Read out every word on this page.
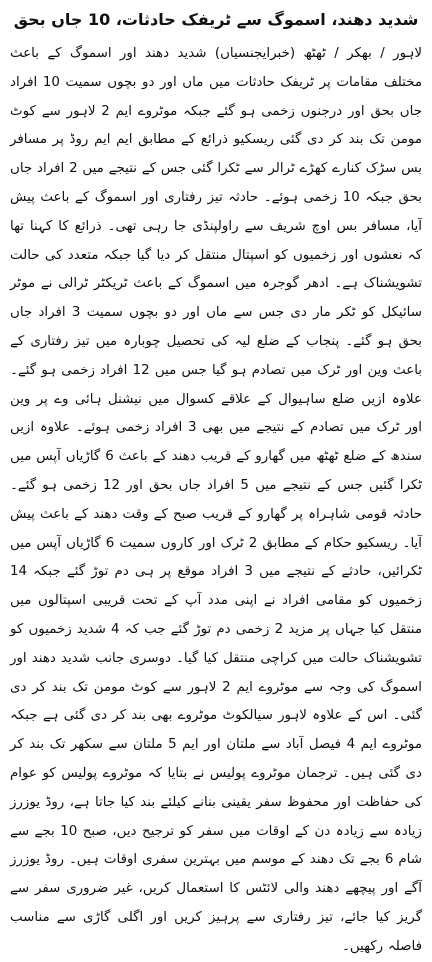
شدید دھند، اسموگ سے ٹریفک حادثات، 10 جاں بحق

لاہور / بھکر / ٹھٹھ (خبرایجنسیاں) شدید دھند اور اسموگ کے باعث مختلف مقامات پر ٹریفک حادثات میں ماں اور دو بچوں سمیت 10 افراد جاں بحق اور درجنوں زخمی ہو گئے جبکہ موٹروے ایم 2 لاہور سے کوٹ مومن تک بند کر دی گئی ریسکیو ذرائع کے مطابق ایم ایم روڈ پر مسافر بس سڑک کنارے کھڑے ٹرالر سے ٹکرا گئی جس کے نتیجے میں 2 افراد جاں بحق جبکہ 10 زخمی ہوئے۔ حادثہ تیز رفتاری اور اسموگ کے باعث پیش آیا، مسافر بس اوچ شریف سے راولپنڈی جا رہی تھی۔ ذرائع کا کہنا تھا کہ نعشوں اور زخمیوں کو اسپتال منتقل کر دیا گیا جبکہ متعدد کی حالت تشویشناک ہے۔ ادھر گوجرہ میں اسموگ کے باعث ٹریکٹر ٹرالی نے موٹر سائیکل کو ٹکر مار دی جس سے ماں اور دو بچوں سمیت 3 افراد جاں بحق ہو گئے۔ پنجاب کے ضلع لیہ کی تحصیل چوبارہ میں تیز رفتاری کے باعث وین اور ٹرک میں تصادم ہو گیا جس میں 12 افراد زخمی ہو گئے۔ علاوہ ازیں ضلع ساہیوال کے علاقے کسوال میں نیشنل ہائی وے پر وین اور ٹرک میں تصادم کے نتیجے میں بھی 3 افراد زخمی ہوئے۔ علاوہ ازیں سندھ کے ضلع ٹھٹھ میں گھارو کے قریب دھند کے باعث 6 گاڑیاں آپس میں ٹکرا گئیں جس کے نتیجے میں 5 افراد جاں بحق اور 12 زخمی ہو گئے۔ حادثہ قومی شاہراہ پر گھارو کے قریب صبح کے وقت دھند کے باعث پیش آیا۔ ریسکیو حکام کے مطابق 2 ٹرک اور کاروں سمیت 6 گاڑیاں آپس میں ٹکرائیں، حادثے کے نتیجے میں 3 افراد موقع پر ہی دم توڑ گئے جبکہ 14 زخمیوں کو مقامی افراد نے اپنی مدد آپ کے تحت قریبی اسپتالوں میں منتقل کیا جہاں پر مزید 2 زخمی دم توڑ گئے جب کہ 4 شدید زخمیوں کو تشویشناک حالت میں کراچی منتقل کیا گیا۔ دوسری جانب شدید دھند اور اسموگ کی وجہ سے موٹروے ایم 2 لاہور سے کوٹ مومن تک بند کر دی گئی۔ اس کے علاوہ لاہور سیالکوٹ موٹروے بھی بند کر دی گئی ہے جبکہ موٹروے ایم 4 فیصل آباد سے ملتان اور ایم 5 ملتان سے سکھر تک بند کر دی گئی ہیں۔ ترجمان موٹروے پولیس نے بتایا کہ موٹروے پولیس کو عوام کی حفاظت اور محفوظ سفر یقینی بنانے کیلئے بند کیا جاتا ہے، روڈ یوزرز زیادہ سے زیادہ دن کے اوقات میں سفر کو ترجیح دیں، صبح 10 بجے سے شام 6 بجے تک دھند کے موسم میں بہترین سفری اوقات ہیں۔ روڈ یوزرز آگے اور پیچھے دھند والی لائٹس کا استعمال کریں، غیر ضروری سفر سے گریز کیا جائے، تیز رفتاری سے پرہیز کریں اور اگلی گاڑی سے مناسب فاصلہ رکھیں۔
